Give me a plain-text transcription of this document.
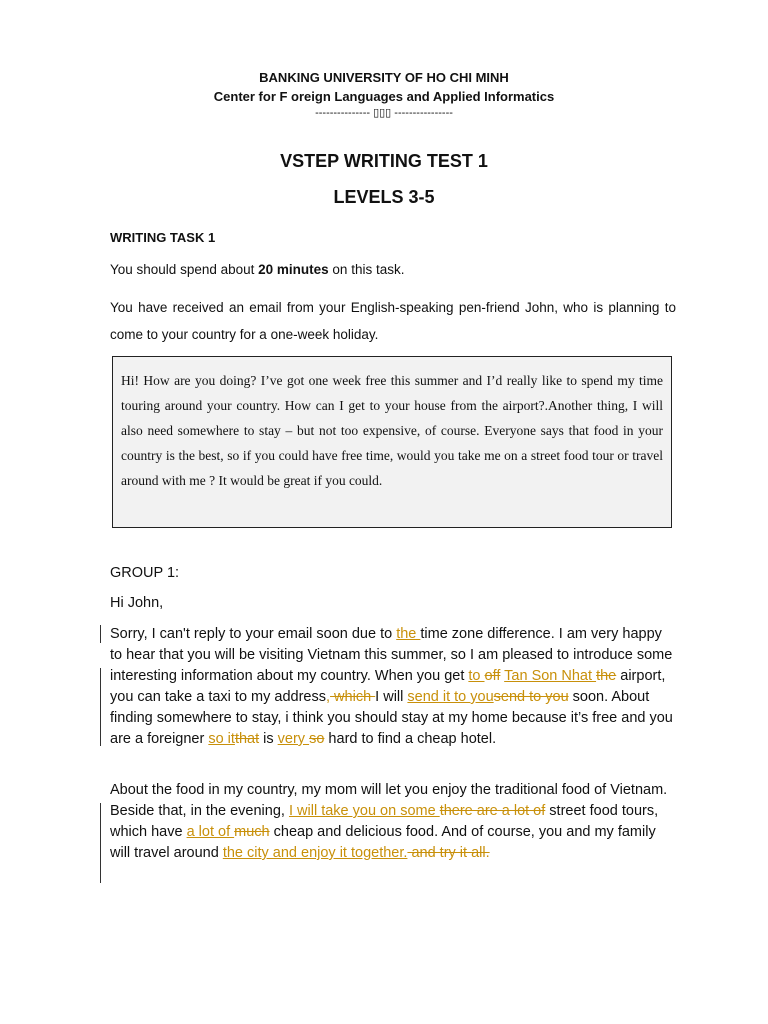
BANKING UNIVERSITY OF HO CHI MINH
Center for F oreign Languages and Applied Informatics
--------------- ▯▯▯ ----------------
VSTEP WRITING TEST 1
LEVELS 3-5
WRITING TASK 1
You should spend about 20 minutes on this task.
You have received an email from your English-speaking pen-friend John, who is planning to come to your country for a one-week holiday.

Hi! How are you doing? I’ve got one week free this summer and I’d really like to spend my time touring around your country. How can I get to your house from the airport?.Another thing, I will also need somewhere to stay – but not too expensive, of course. Everyone says that food in your country is the best, so if you could have free time, would you take me on a street food tour or travel around with me ? It would be great if you could.

GROUP 1:
Hi John,

Sorry, I can't reply to your email soon due to the time zone difference. I am very happy to hear that you will be visiting Vietnam this summer, so I am pleased to introduce some interesting information about my country. When you get to off Tan Son Nhat the airport, you can take a taxi to my address, which I will send it to yousend to you soon. About finding somewhere to stay, i think you should stay at my home because it’s free and you are a foreigner so itthat is very so hard to find a cheap hotel.

About the food in my country, my mom will let you enjoy the traditional food of Vietnam. Beside that, in the evening, I will take you on some there are a lot of street food tours, which have a lot of much cheap and delicious food. And of course, you and my family will travel around the city and enjoy it together. and try it all.
